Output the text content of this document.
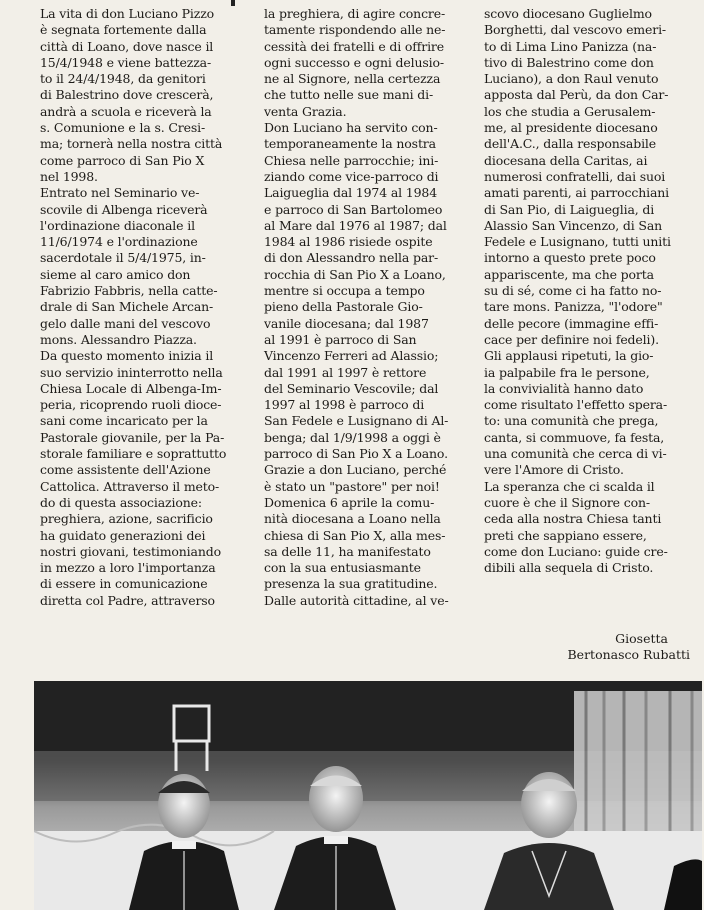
La vita di don Luciano Pizzo
è segnata fortemente dalla
città di Loano, dove nasce il
15/4/1948 e viene battezza-
to il 24/4/1948, da genitori
di Balestrino dove crescerà,
andrà a scuola e riceverà la
s. Comunione e la s. Cresi-
ma; tornerà nella nostra città
come parroco di San Pio X
nel 1998.
Entrato nel Seminario ve-
scovile di Albenga riceverà
l'ordinazione diaconale il
11/6/1974 e l'ordinazione
sacerdotale il 5/4/1975, in-
sieme al caro amico don
Fabrizio Fabbris, nella catte-
drale di San Michele Arcan-
gelo dalle mani del vescovo
mons. Alessandro Piazza.
Da questo momento inizia il
suo servizio ininterrotto nella
Chiesa Locale di Albenga-Im-
peria, ricoprendo ruoli dioce-
sani come incaricato per la
Pastorale giovanile, per la Pa-
storale familiare e soprattutto
come assistente dell'Azione
Cattolica. Attraverso il meto-
do di questa associazione:
preghiera, azione, sacrificio
ha guidato generazioni dei
nostri giovani, testimoniando
in mezzo a loro l'importanza
di essere in comunicazione
diretta col Padre, attraverso
la preghiera, di agire concre-
tamente rispondendo alle ne-
cessità dei fratelli e di offrire
ogni successo e ogni delusio-
ne al Signore, nella certezza
che tutto nelle sue mani di-
venta Grazia.
Don Luciano ha servito con-
temporaneamente la nostra
Chiesa nelle parrocchie; ini-
ziando come vice-parroco di
Laigueglia dal 1974 al 1984
e parroco di San Bartolomeo
al Mare dal 1976 al 1987; dal
1984 al 1986 risiede ospite
di don Alessandro nella par-
rocchia di San Pio X a Loano,
mentre si occupa a tempo
pieno della Pastorale Gio-
vanile diocesana; dal 1987
al 1991 è parroco di San
Vincenzo Ferreri ad Alassio;
dal 1991 al 1997 è rettore
del Seminario Vescovile; dal
1997 al 1998 è parroco di
San Fedele e Lusignano di Al-
benga; dal 1/9/1998 a oggi è
parroco di San Pio X a Loano.
Grazie a don Luciano, perché
è stato un "pastore" per noi!
Domenica 6 aprile la comu-
nità diocesana a Loano nella
chiesa di San Pio X, alla mes-
sa delle 11, ha manifestato
con la sua entusiasmante
presenza la sua gratitudine.
Dalle autorità cittadine, al ve-
scovo diocesano Guglielmo
Borghetti, dal vescovo emeri-
to di Lima Lino Panizza (na-
tivo di Balestrino come don
Luciano), a don Raul venuto
apposta dal Perù, da don Car-
los che studia a Gerusalem-
me, al presidente diocesano
dell'A.C., dalla responsabile
diocesana della Caritas, ai
numerosi confratelli, dai suoi
amati parenti, ai parrocchiani
di San Pio, di Laigueglia, di
Alassio San Vincenzo, di San
Fedele e Lusignano, tutti uniti
intorno a questo prete poco
appariscente, ma che porta
su di sé, come ci ha fatto no-
tare mons. Panizza, "l'odore"
delle pecore (immagine effi-
cace per definire noi fedeli).
Gli applausi ripetuti, la gio-
ia palpabile fra le persone,
la convivialità hanno dato
come risultato l'effetto spera-
to: una comunità che prega,
canta, si commuove, fa festa,
una comunità che cerca di vi-
vere l'Amore di Cristo.
La speranza che ci scalda il
cuore è che il Signore con-
ceda alla nostra Chiesa tanti
preti che sappiano essere,
come don Luciano: guide cre-
dibili alla sequela di Cristo.
Giosetta
Bertonasco Rubatti
